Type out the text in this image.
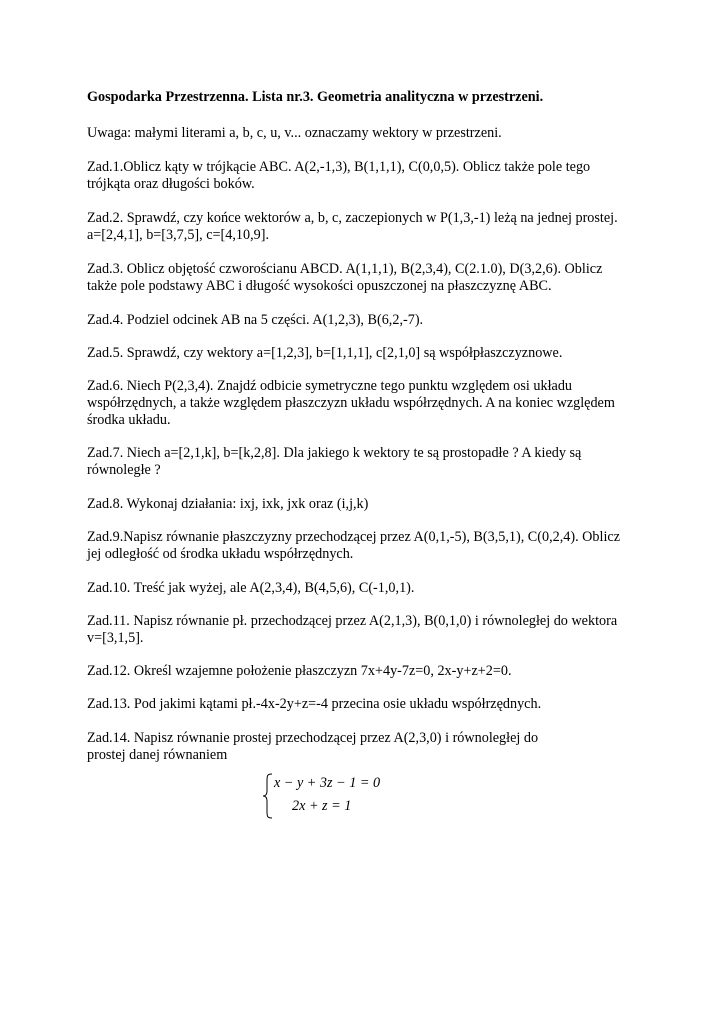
Gospodarka Przestrzenna. Lista nr.3. Geometria analityczna w przestrzeni.

Uwaga: małymi literami a, b, c, u, v... oznaczamy wektory w przestrzeni.

Zad.1.Oblicz kąty w trójkącie ABC. A(2,-1,3), B(1,1,1), C(0,0,5). Oblicz także pole tego
trójkąta oraz długości boków.

Zad.2. Sprawdź, czy końce wektorów a, b, c, zaczepionych w P(1,3,-1) leżą na jednej prostej.
a=[2,4,1], b=[3,7,5], c=[4,10,9].

Zad.3. Oblicz objętość czworościanu ABCD. A(1,1,1), B(2,3,4), C(2.1.0), D(3,2,6). Oblicz
także pole podstawy ABC i długość wysokości opuszczonej na płaszczyznę ABC.

Zad.4. Podziel odcinek AB na 5 części. A(1,2,3), B(6,2,-7).

Zad.5. Sprawdź, czy wektory a=[1,2,3], b=[1,1,1], c[2,1,0] są współpłaszczyznowe.

Zad.6. Niech P(2,3,4). Znajdź odbicie symetryczne tego punktu względem osi układu
współrzędnych, a także względem płaszczyzn układu współrzędnych. A na koniec względem
środka układu.

Zad.7. Niech a=[2,1,k], b=[k,2,8]. Dla jakiego k wektory te są prostopadłe ? A kiedy są
równoległe ?

Zad.8. Wykonaj działania: ixj, ixk, jxk oraz (i,j,k)

Zad.9.Napisz równanie płaszczyzny przechodzącej przez A(0,1,-5), B(3,5,1), C(0,2,4). Oblicz
jej odległość od środka układu współrzędnych.

Zad.10. Treść jak wyżej, ale A(2,3,4), B(4,5,6), C(-1,0,1).

Zad.11. Napisz równanie pł. przechodzącej przez A(2,1,3), B(0,1,0) i równoległej do wektora
v=[3,1,5].

Zad.12. Określ wzajemne położenie płaszczyzn 7x+4y-7z=0, 2x-y+z+2=0.

Zad.13. Pod jakimi kątami pł.-4x-2y+z=-4 przecina osie układu współrzędnych.

Zad.14. Napisz równanie prostej przechodzącej przez A(2,3,0) i równoległej do
prostej danej równaniem

x − y + 3z − 1 = 0
2x + z = 1
